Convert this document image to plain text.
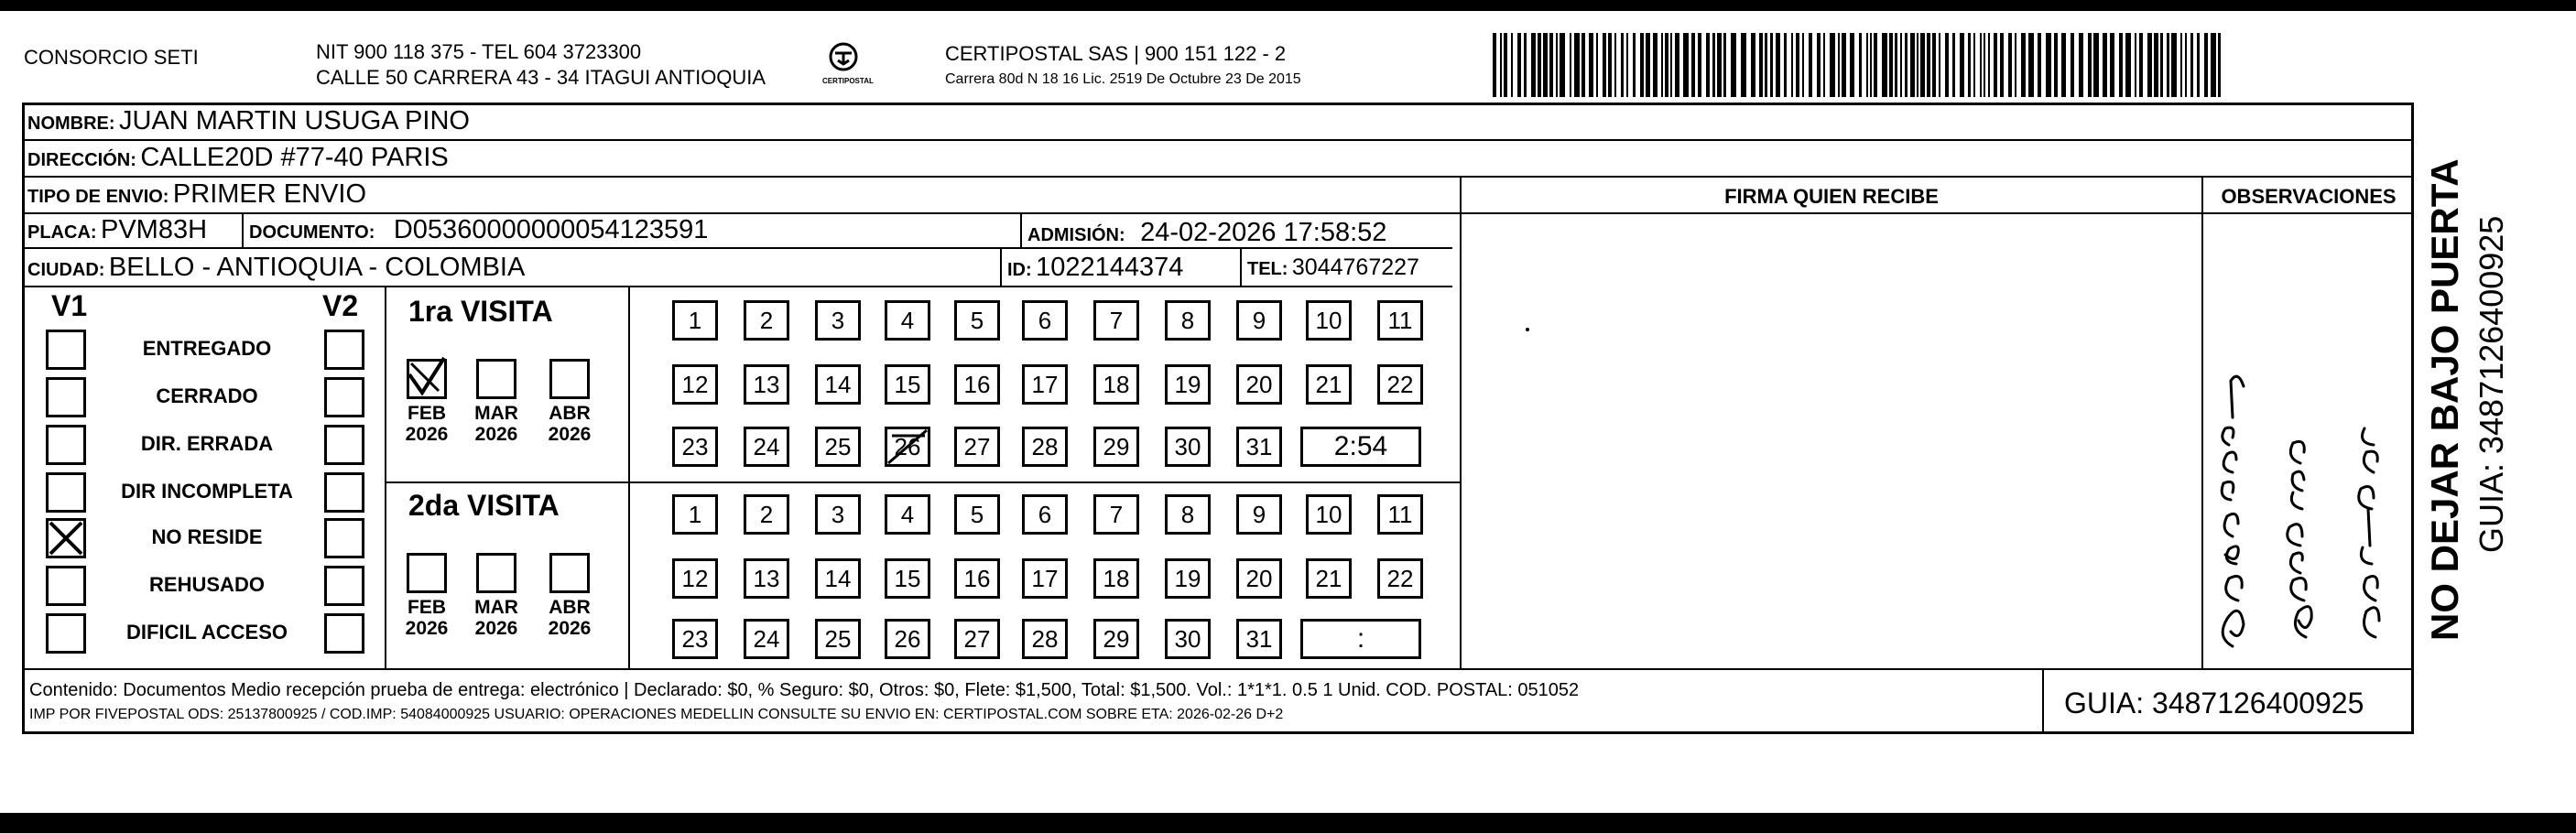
CONSORCIO SETI	NIT 900 118 375 - TEL 604 3723300
CALLE 50 CARRERA 43 - 34 ITAGUI ANTIOQUIA	CERTIPOSTAL
CERTIPOSTAL SAS | 900 151 122 - 2
Carrera 80d N 18 16 Lic. 2519 De Octubre 23 De 2015
NOMBRE: JUAN MARTIN USUGA PINO
DIRECCIÓN: CALLE20D #77-40 PARIS
TIPO DE ENVIO: PRIMER ENVIO
PLACA: PVM83H DOCUMENTO: D05360000000054123591	ADMISIÓN: 24-02-2026 17:58:52
CIUDAD: BELLO - ANTIOQUIA - COLOMBIA	ID: 1022144374	TEL: 3044767227
FIRMA QUIEN RECIBE	OBSERVACIONES
V1	V2
ENTREGADO
CERRADO
DIR. ERRADA
DIR INCOMPLETA
NO RESIDE
REHUSADO
DIFICIL ACCESO
1ra VISITA
2da VISITA
FEB
2026
MAR
2026
ABR
2026
FEB
2026
MAR
2026
ABR
2026
1	2	3	4	5	6	7	8	9	10	11
12	13	14	15	16	17	18	19	20	21	22
23	24	25	26	27	28	29	30	31	2:54
1	2	3	4	5	6	7	8	9	10	11
12	13	14	15	16	17	18	19	20	21	22
23	24	25	26	27	28	29	30	31	:
Contenido: Documentos Medio recepción prueba de entrega: electrónico | Declarado: $0, % Seguro: $0, Otros: $0, Flete: $1,500, Total: $1,500. Vol.: 1*1*1. 0.5 1 Unid. COD. POSTAL: 051052
IMP POR FIVEPOSTAL ODS: 25137800925 / COD.IMP: 54084000925 USUARIO: OPERACIONES MEDELLIN CONSULTE SU ENVIO EN: CERTIPOSTAL.COM SOBRE ETA: 2026-02-26 D+2	GUIA: 3487126400925
NO DEJAR BAJO PUERTA GUIA: 3487126400925
